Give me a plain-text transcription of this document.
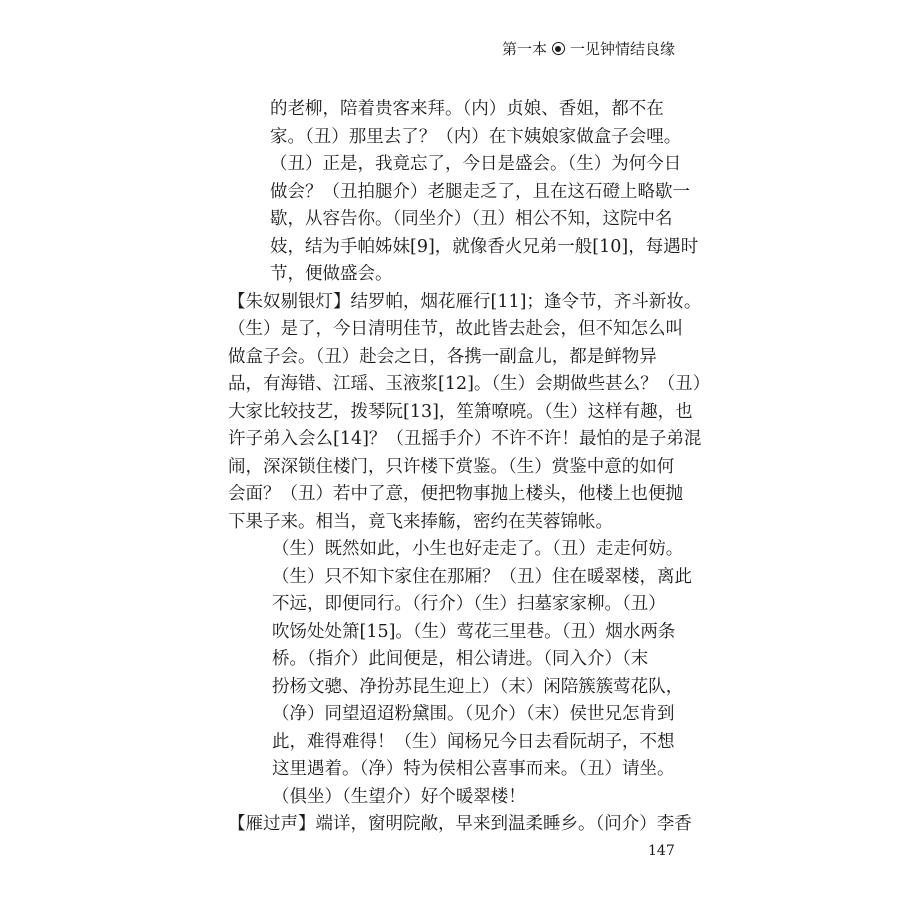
第一本 一见钟情结良缘
的老柳，陪着贵客来拜。（内）贞娘、香姐，都不在
家。（丑）那里去了？（内）在卞姨娘家做盒子会哩。
（丑）正是，我竟忘了，今日是盛会。（生）为何今日
做会？（丑拍腿介）老腿走乏了，且在这石磴上略歇一
歇，从容告你。（同坐介）（丑）相公不知，这院中名
妓，结为手帕姊妹[9]，就像香火兄弟一般[10]，每遇时
节，便做盛会。
【朱奴剔银灯】结罗帕，烟花雁行[11]；逢令节，齐斗新妆。
（生）是了，今日清明佳节，故此皆去赴会，但不知怎么叫
做盒子会。（丑）赴会之日，各携一副盒儿，都是鲜物异
品，有海错、江瑶、玉液浆[12]。（生）会期做些甚么？（丑）
大家比较技艺，拨琴阮[13]，笙箫嘹喨。（生）这样有趣，也
许子弟入会么[14]？（丑摇手介）不许不许！最怕的是子弟混
闹，深深锁住楼门，只许楼下赏鉴。（生）赏鉴中意的如何
会面？（丑）若中了意，便把物事抛上楼头，他楼上也便抛
下果子来。相当，竟飞来捧觞，密约在芙蓉锦帐。
（生）既然如此，小生也好走走了。（丑）走走何妨。
（生）只不知卞家住在那厢？（丑）住在暖翠楼，离此
不远，即便同行。（行介）（生）扫墓家家柳。（丑）
吹饧处处箫[15]。（生）莺花三里巷。（丑）烟水两条
桥。（指介）此间便是，相公请进。（同入介）（末
扮杨文骢、净扮苏昆生迎上）（末）闲陪簇簇莺花队，
（净）同望迢迢粉黛围。（见介）（末）侯世兄怎肯到
此，难得难得！（生）闻杨兄今日去看阮胡子，不想
这里遇着。（净）特为侯相公喜事而来。（丑）请坐。
（俱坐）（生望介）好个暖翠楼！
【雁过声】端详，窗明院敞，早来到温柔睡乡。（问介）李香
147
